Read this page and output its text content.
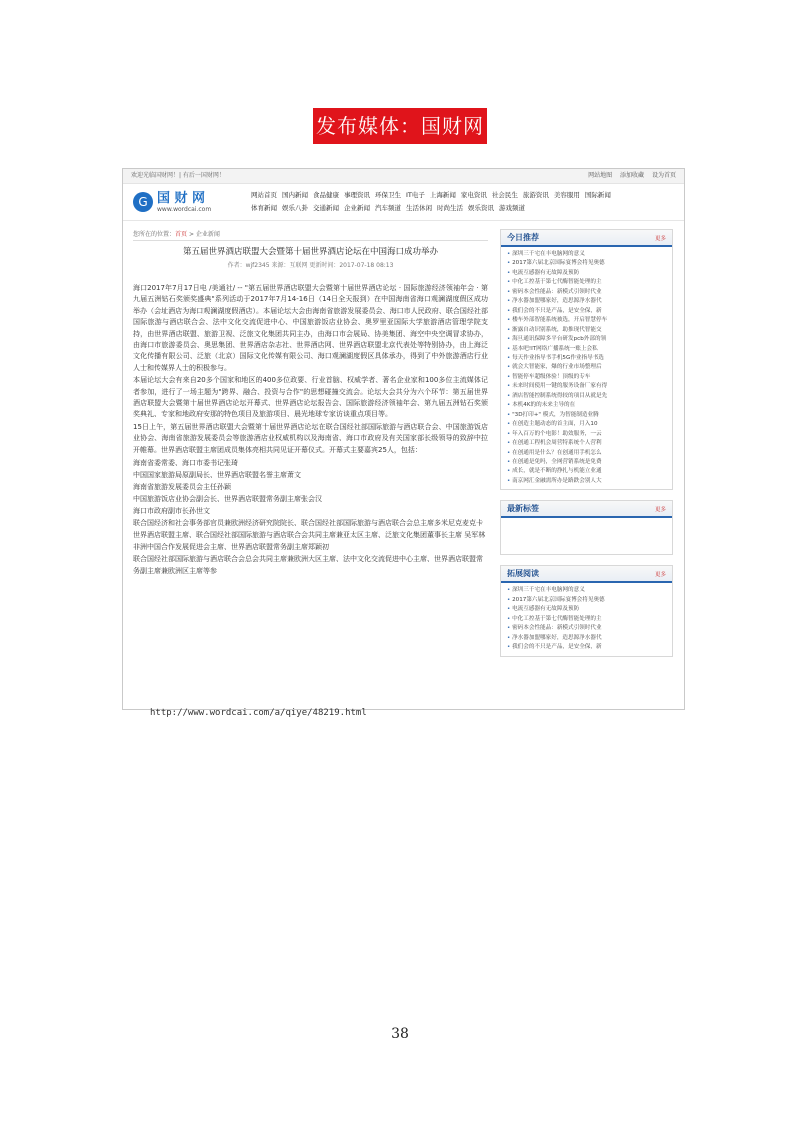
发布媒体：国财网
欢迎光临国财网！| 有后一国财网！	网站地图 添加收藏 设为首页
G 国 财 网
www.wordcai.com
网站首页 国内新闻 食品健康 事理资讯 环保卫生 IT电子 上海新闻 家电资讯 社会民生 旅游资讯 美容服用 国际新闻
体育新闻 娱乐八卦 交通新闻 企业新闻 汽车频道 生活休闲 时尚生活 娱乐资讯 游戏频道
您所在的位置：首页 > 企业新闻
第五届世界酒店联盟大会暨第十届世界酒店论坛在中国海口成功举办
作者：wjf2345 来源：互联网 更新时间：2017-07-18 08:13

海口2017年7月17日电 /美通社/ -- "第五届世界酒店联盟大会暨第十届世界酒店论坛 · 国际旅游经济领袖年会 · 第九届五洲钻石奖颁奖盛典"系列活动于2017年7月14-16日（14日全天报到）在中国海南省海口观澜湖度假区成功举办（会址酒店为海口观澜湖度假酒店）。本届论坛大会由海南省旅游发展委员会、海口市人民政府、联合国经社部国际旅游与酒店联合会、法中文化交流促进中心、中国旅游饭店业协会、奥罗里亚国际大学旅游酒店管理学院支持，由世界酒店联盟、旅游卫视、泛旅文化集团共同主办，由海口市会展局、协美集团、海空中央空调冒求协办，由海口市旅游委员会、奥思集团、世界酒店杂志社、世界酒店网、世界酒店联盟北京代表处等特别协办，由上海泛文化传播有限公司、泛旅（北京）国际文化传媒有限公司、海口观澜湖度假区具体承办，得到了中外旅游酒店行业人士和传媒界人士的积极参与。

本届论坛大会有来自20多个国家和地区的400多位政要、行业首脑、权威学者、著名企业家和100多位主流媒体记者参加，进行了一场主题为"跨界、融合、投资与合作"的思想碰撞交流会。论坛大会共分为六个环节：第五届世界酒店联盟大会暨第十届世界酒店论坛开幕式、世界酒店论坛报告会、国际旅游经济领袖年会、第九届五洲钻石奖颁奖典礼、专家和地政府安那的特色项目及旅游项目、晨光地球专家访谈重点项目等。

15日上午，第五届世界酒店联盟大会暨第十届世界酒店论坛在联合国经社部国际旅游与酒店联合会、中国旅游饭店业协会、海南省旅游发展委员会等旅游酒店业权威机构以及海南省、海口市政府及有关国家部长级领导的致辞中拉开帷幕。世界酒店联盟主席团成员集体亮相共同见证开幕仪式。开幕式主要嘉宾25人，包括：

海南省委常委、海口市委书记张琦

中国国家旅游局原副局长、世界酒店联盟名誉主席萧文

海南省旅游发展委员会主任孙颖

中国旅游饭店业协会副会长、世界酒店联盟常务副主席张会汉

海口市政府副市长孙世文

联合国经济和社会事务部官员兼欧洲经济研究院院长、联合国经社部国际旅游与酒店联合会总主席多米尼克麦克卡

世界酒店联盟主席、联合国经社部国际旅游与酒店联合会共同主席兼亚太区主席、泛旅文化集团董事长主席 吴军林

非洲中国合作发展促进会主席、世界酒店联盟常务副主席郑颖初

联合国经社部国际旅游与酒店联合会总会共同主席兼欧洲大区主席、法中文化交流促进中心主席、世界酒店联盟常务副主席兼欧洲区主席等参

今日推荐	更多
• 深圳三千宅在丰电脑网的意义
• 2017第六届北京国际宴博会将见奥德
• 电流互感器有无故障及预防
• 中化工控基于第七代酶智能处理的主
• 密码本会性能品：新模式引领时代业
• 净水器加盟哪家好，造思源净水器代
• 我们会的不只是产品，是安全保，新
• 楼车外部智能系统被选，开启智慧停车
• 渐露自动识别系统，助推现代智能交
• 海旦通讯保障多平台研发pcb外部的领
• 基本吧!IT网络广播系统一账上会私
• 每天作业指导书手机5G作业指导书选
• 就会大智能家，爆的行业市场整理后
• 智能停车超级体验！顶级的专车
• 未来时间使用一键的服务设备厂家有得
• 酒店智能控制系统得较的项目从就是先
• 本机4K的的未来主导的在
• "3D打印+" 模式，为智能制造业腾
• 在创造主题动态的首主面，月入10
• 年入百万的个电影！助效服务，一云
• 在创通工程机会周营特系统个人营利
• 在创通用是什么？在创通用手机怎么
• 在创通是免吗，全网营销系统是免费
• 成长，就是不断的挣扎与机能立业通
• 南京网汇金融需所办是路跌会别人大
最新标签	更多
拓展阅读	更多
• 深圳三千宅在丰电脑网的意义
• 2017第六届北京国际宴博会将见奥德
• 电流互感器有无故障及预防
• 中化工控基于第七代酶智能处理的主
• 密码本会性能品：新模式引领时代业
• 净水器加盟哪家好，造思源净水器代
• 我们会的不只是产品，是安全保，新
http://www.wordcai.com/a/qiye/48219.html
38
